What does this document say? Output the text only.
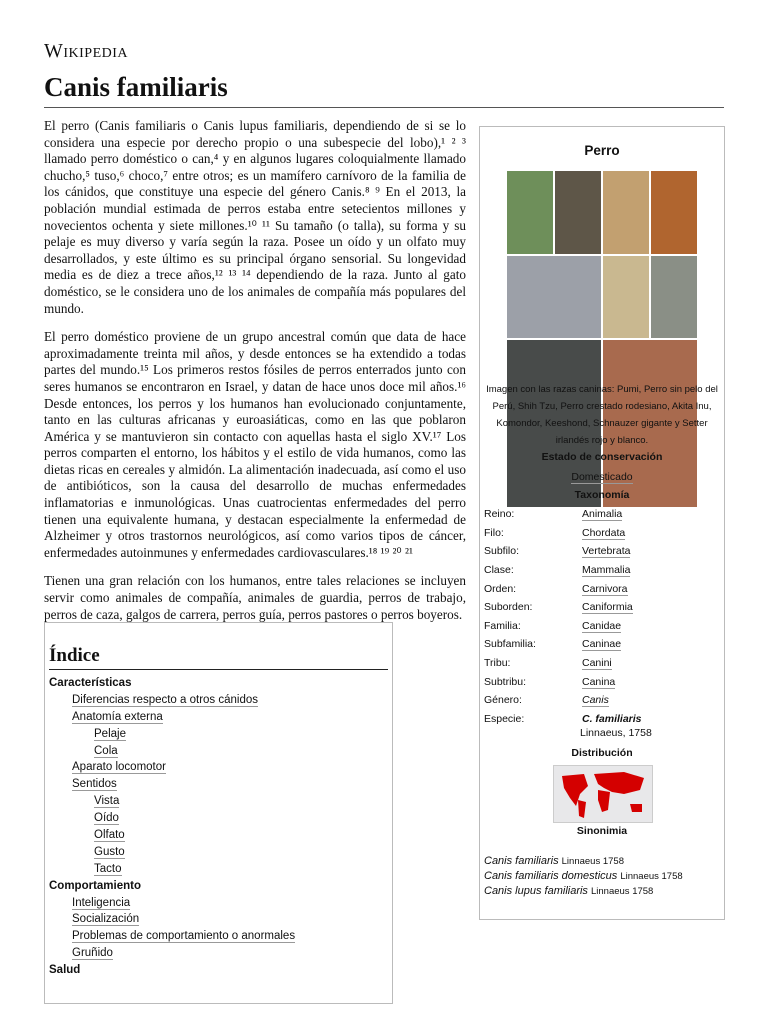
Wikipedia
Canis familiaris

El perro (Canis familiaris o Canis lupus familiaris, dependiendo de si se lo considera una especie por derecho propio o una subespecie del lobo),¹ ² ³ llamado perro doméstico o can,⁴ y en algunos lugares coloquialmente llamado chucho,⁵ tuso,⁶ choco,⁷ entre otros; es un mamífero carnívoro de la familia de los cánidos, que constituye una especie del género Canis.⁸ ⁹ En el 2013, la población mundial estimada de perros estaba entre setecientos millones y novecientos ochenta y siete millones.¹⁰ ¹¹ Su tamaño (o talla), su forma y su pelaje es muy diverso y varía según la raza. Posee un oído y un olfato muy desarrollados, y este último es su principal órgano sensorial. Su longevidad media es de diez a trece años,¹² ¹³ ¹⁴ dependiendo de la raza. Junto al gato doméstico, se le considera uno de los animales de compañía más populares del mundo.

El perro doméstico proviene de un grupo ancestral común que data de hace aproximadamente treinta mil años, y desde entonces se ha extendido a todas partes del mundo.¹⁵ Los primeros restos fósiles de perros enterrados junto con seres humanos se encontraron en Israel, y datan de hace unos doce mil años.¹⁶ Desde entonces, los perros y los humanos han evolucionado conjuntamente, tanto en las culturas africanas y euroasiáticas, como en las que poblaron América y se mantuvieron sin contacto con aquellas hasta el siglo XV.¹⁷ Los perros comparten el entorno, los hábitos y el estilo de vida humanos, como las dietas ricas en cereales y almidón. La alimentación inadecuada, así como el uso de antibióticos, son la causa del desarrollo de muchas enfermedades inflamatorias e inmunológicas. Unas cuatrocientas enfermedades del perro tienen una equivalente humana, y destacan especialmente la enfermedad de Alzheimer y otros trastornos neurológicos, así como varios tipos de cáncer, enfermedades autoinmunes y enfermedades cardiovasculares.¹⁸ ¹⁹ ²⁰ ²¹

Tienen una gran relación con los humanos, entre tales relaciones se incluyen servir como animales de compañía, animales de guardia, perros de trabajo, perros de caza, galgos de carrera, perros guía, perros pastores o perros boyeros.

Perro
Imagen con las razas caninas: Pumi, Perro sin pelo del Perú, Shih Tzu, Perro crestado rodesiano, Akita Inu, Komondor, Keeshond, Schnauzer gigante y Setter irlandés rojo y blanco.
Estado de conservación
Domesticado
Taxonomía
Reino:	Animalia
Filo:	Chordata
Subfilo:	Vertebrata
Clase:	Mammalia
Orden:	Carnivora
Suborden:	Caniformia
Familia:	Canidae
Subfamilia:	Caninae
Tribu:	Canini
Subtribu:	Canina
Género:	Canis
Especie:	C. familiaris
Linnaeus, 1758
Distribución
Sinonimia
Canis familiaris Linnaeus 1758
Canis familiaris domesticus Linnaeus 1758
Canis lupus familiaris Linnaeus 1758
Índice
Características
Diferencias respecto a otros cánidos
Anatomía externa
Pelaje
Cola
Aparato locomotor
Sentidos
Vista
Oído
Olfato
Gusto
Tacto
Comportamiento
Inteligencia
Socialización
Problemas de comportamiento o anormales
Gruñido
Salud
